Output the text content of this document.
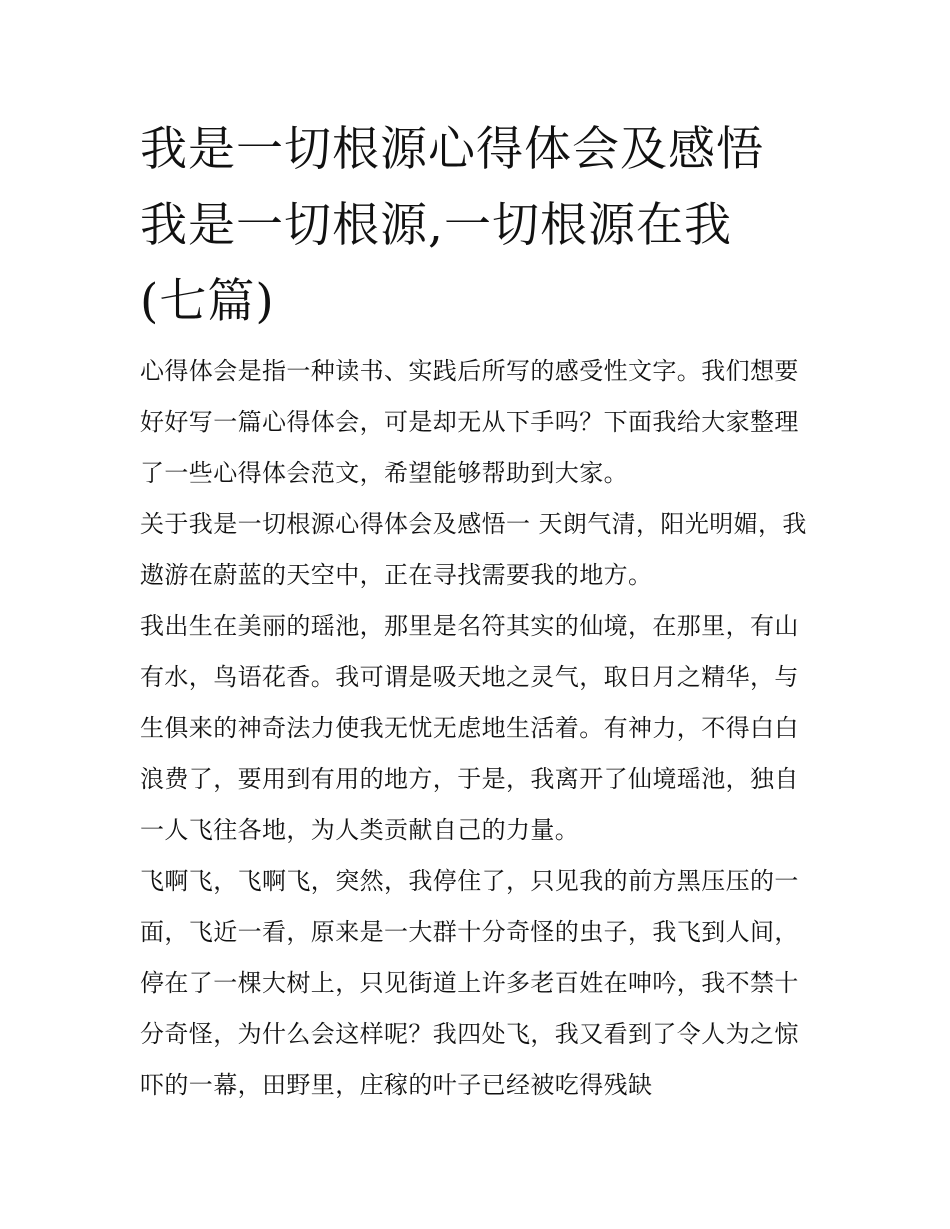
我是一切根源心得体会及感悟
我是一切根源,一切根源在我
(七篇)

心得体会是指一种读书、实践后所写的感受性文字。我们想要好好写一篇心得体会，可是却无从下手吗？下面我给大家整理了一些心得体会范文，希望能够帮助到大家。

关于我是一切根源心得体会及感悟一 天朗气清，阳光明媚，我遨游在蔚蓝的天空中，正在寻找需要我的地方。

我出生在美丽的瑶池，那里是名符其实的仙境，在那里，有山有水，鸟语花香。我可谓是吸天地之灵气，取日月之精华，与生俱来的神奇法力使我无忧无虑地生活着。有神力，不得白白浪费了，要用到有用的地方，于是，我离开了仙境瑶池，独自一人飞往各地，为人类贡献自己的力量。

飞啊飞，飞啊飞，突然，我停住了，只见我的前方黑压压的一面，飞近一看，原来是一大群十分奇怪的虫子，我飞到人间，停在了一棵大树上，只见街道上许多老百姓在呻吟，我不禁十分奇怪，为什么会这样呢？我四处飞，我又看到了令人为之惊吓的一幕，田野里，庄稼的叶子已经被吃得残缺
